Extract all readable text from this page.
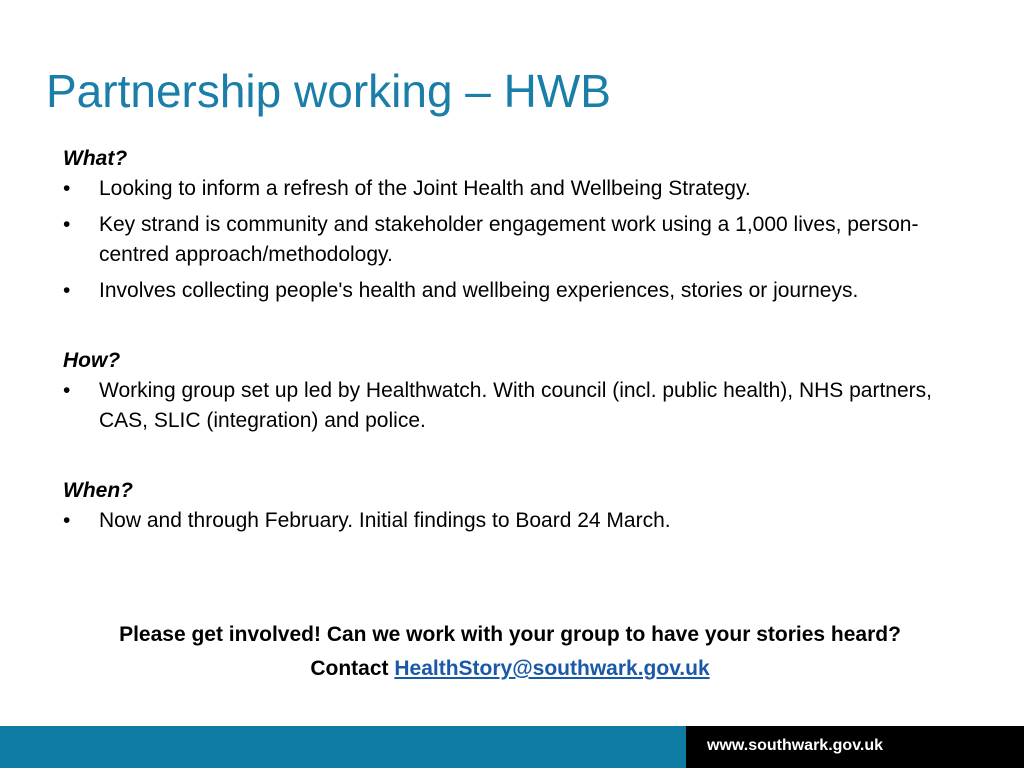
Partnership working – HWB
What?
• Looking to inform a refresh of the Joint Health and Wellbeing Strategy.
• Key strand is community and stakeholder engagement work using a 1,000 lives, person-centred approach/methodology.
• Involves collecting people's health and wellbeing experiences, stories or journeys.
How?
• Working group set up led by Healthwatch. With council (incl. public health), NHS partners, CAS, SLIC (integration) and police.
When?
• Now and through February. Initial findings to Board 24 March.
Please get involved! Can we work with your group to have your stories heard?
Contact HealthStory@southwark.gov.uk
www.southwark.gov.uk
